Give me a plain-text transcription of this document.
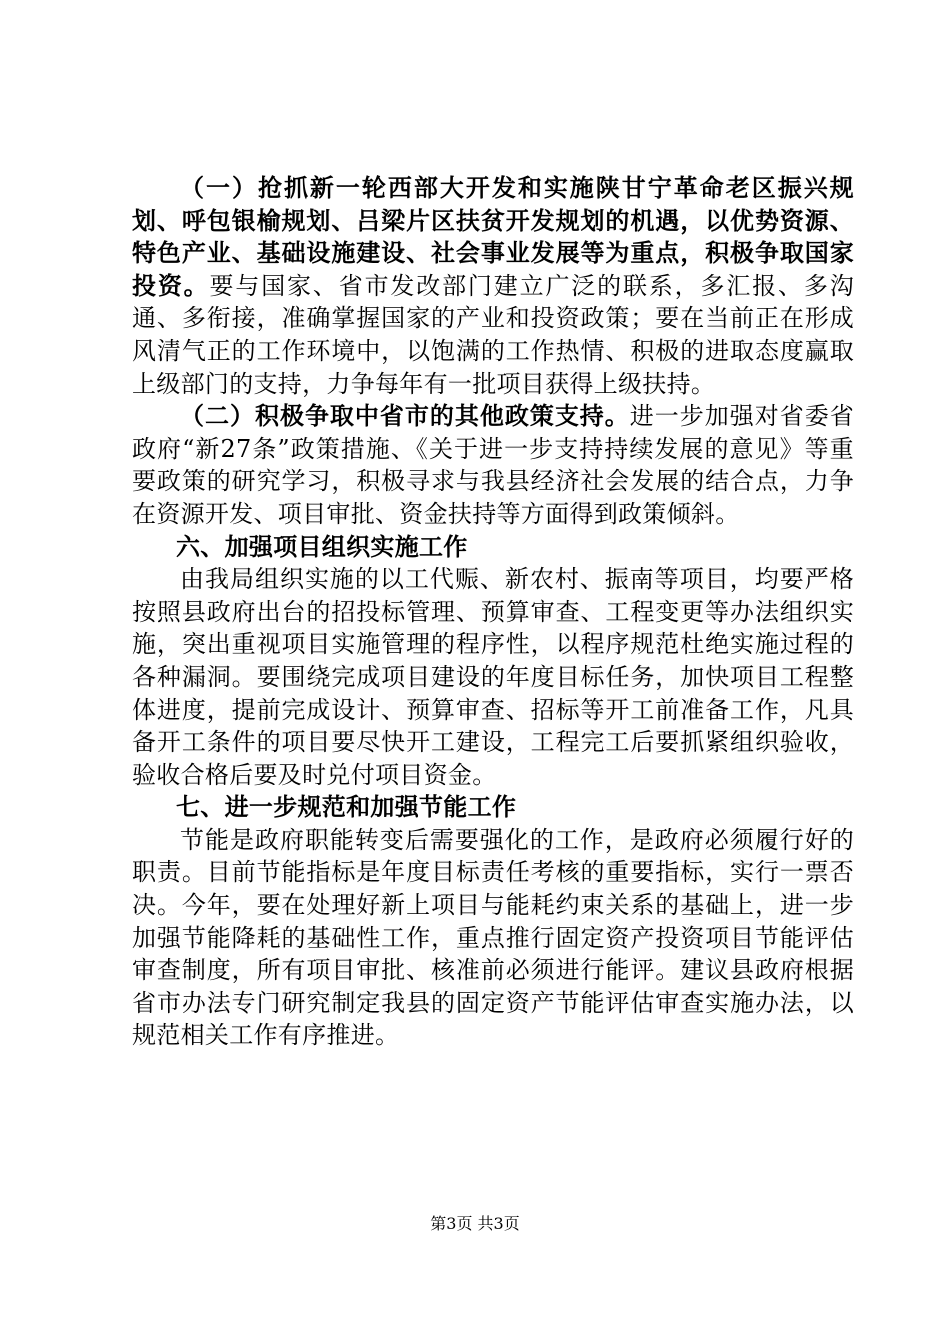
（一）抢抓新一轮西部大开发和实施陕甘宁革命老区振兴规划、呼包银榆规划、吕梁片区扶贫开发规划的机遇，以优势资源、特色产业、基础设施建设、社会事业发展等为重点，积极争取国家投资。要与国家、省市发改部门建立广泛的联系，多汇报、多沟通、多衔接，准确掌握国家的产业和投资政策；要在当前正在形成风清气正的工作环境中，以饱满的工作热情、积极的进取态度赢取上级部门的支持，力争每年有一批项目获得上级扶持。

（二）积极争取中省市的其他政策支持。进一步加强对省委省政府“新27条”政策措施、《关于进一步支持持续发展的意见》等重要政策的研究学习，积极寻求与我县经济社会发展的结合点，力争在资源开发、项目审批、资金扶持等方面得到政策倾斜。

六、加强项目组织实施工作

由我局组织实施的以工代赈、新农村、振南等项目，均要严格按照县政府出台的招投标管理、预算审查、工程变更等办法组织实施，突出重视项目实施管理的程序性，以程序规范杜绝实施过程的各种漏洞。要围绕完成项目建设的年度目标任务，加快项目工程整体进度，提前完成设计、预算审查、招标等开工前准备工作，凡具备开工条件的项目要尽快开工建设，工程完工后要抓紧组织验收，验收合格后要及时兑付项目资金。

七、进一步规范和加强节能工作

节能是政府职能转变后需要强化的工作，是政府必须履行好的职责。目前节能指标是年度目标责任考核的重要指标，实行一票否决。今年，要在处理好新上项目与能耗约束关系的基础上，进一步加强节能降耗的基础性工作，重点推行固定资产投资项目节能评估审查制度，所有项目审批、核准前必须进行能评。建议县政府根据省市办法专门研究制定我县的固定资产节能评估审查实施办法，以规范相关工作有序推进。

第3页 共3页
